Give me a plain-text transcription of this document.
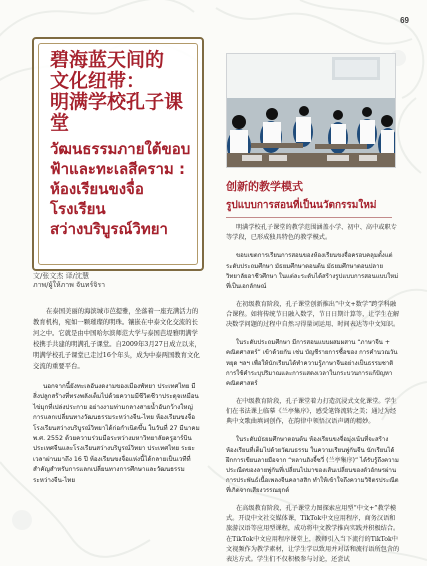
69
碧海蓝天间的
文化纽带：
明满学校孔子课堂
วัฒนธรรมภายใต้ขอบ
ฟ้าและทะเลสีคราม :
ห้องเรียนขงจื่อโรงเรียน
สว่างบริบูรณ์วิทยา
文/张文杰 译/沈慧
ภาพ/ผู้ให้ภาพ จันทร์จิรา

在泰国美丽的海滨城市芭提雅，坐落着一座充满活力的教育机构，宛如一颗璀璨的明珠。镶嵌在中泰文化交流的长河之中。它就是由中国哈尔滨师范大学与泰国芭堤雅明满学校携手共建的明满孔子课堂。自2009年3月27日成立以来，明满学校孔子课堂已走过16个年头，成为中泰两国教育文化交流的重要平台。

นอกจากนี้ยังทะเลอันงดงามของเมืองพัทยา ประเทศไทย มีสิ่งปลูกสร้างที่ทรงพลังเต็มไปด้วยความมีชีวิตชีวาประดุจเหมือนไข่มุกที่เปล่งประกาย อย่างงามท่ามกลางสายน้ำอันกว้างใหญ่ การแลกเปลี่ยนทางวัฒนธรรมระหว่างจีน-ไทย ห้องเรียนขงจื่อโรงเรียนสว่างบริบูรณ์วิทยาได้ก่อกำเนิดขึ้น ในวันที่ 27 มีนาคม พ.ศ. 2552 ด้วยความร่วมมือระหว่างมหาวิทยาลัยครูฮาร์บิน ประเทศจีนและโรงเรียนสว่างบริบูรณ์วิทยา ประเทศไทย ระยะเวลาผ่านมาถึง 16 ปี ห้องเรียนขงจื่อแห่งนี้ได้กลายเป็นเวทีที่สำคัญสำหรับการแลกเปลี่ยนทางการศึกษาและวัฒนธรรมระหว่างจีน-ไทย

创新的教学模式
รูปแบบการสอนที่เป็นนวัตกรรมใหม่

明满学校孔子课堂的教学范围涵盖小学、初中、高中或职专等学段，已形成独具特色的教学模式。

ขอบเขตการเรียนการสอนของห้องเรียนขงจื่อครอบคลุมตั้งแต่ระดับประถมศึกษา มัธยมศึกษาตอนต้น มัธยมศึกษาตอนปลาย วิทยาลัยอาชีวศึกษา ในแต่ละระดับได้สร้างรูปแบบการสอนแบบใหม่ที่เป็นเอกลักษณ์

在初级教育阶段，孔子课堂创新推出“中文+数学”跨学科融合课程。如将传统节日融入数学，节日日期计算等，让学生在解决数学问题的过程中自然习得量词运用、时间表达等中文知识。

ในระดับประถมศึกษา มีการสอนแบบผสมผสาน “ภาษาจีน + คณิตศาสตร์” เข้าด้วยกัน เช่น บัญชีรายการซื้อของ การคำนวณวันหยุด ฯลฯ เพื่อให้นักเรียนได้ทำความรู้ภาษาจีนอย่างเป็นธรรมชาติ การใช้คำระบุปริมาณและการแสดงเวลาในกระบวนการแก้ปัญหาคณิตศาสตร์

在中级教育阶段，孔子课堂着力打造沉浸式文化课堂。学生们在书法课上临摹《兰亭集序》，感受笔锋流转之美；通过为经典中文歌曲填词创作，在韵律中领悟汉语声调的精妙。

ในระดับมัธยมศึกษาตอนต้น ห้องเรียนขงจื่อมุ่งเน้นที่จะสร้างห้องเรียนที่เต็มไปด้วยวัฒนธรรม ในความเรียนพู่กันจีน นักเรียนได้ฝึกการเขียนลายมือจาก “หลานถิงจี้ซวี่ (兰亭集序)” ได้รับรู้ถึงความประณีตของลายพู่กันที่เปลี่ยนไปมาของเส้นเปลี่ยนของตัวอักษรผ่านการประพันธ์เนื้อเพลงจีนคลาสสิก ทำให้เข้าใจถึงความวิจิตรประณีตที่เกิดจากเสียงวรรณยุกต์

在高级教育阶段，孔子课堂力图探索应用型“中文+”教学模式。开设中文社交媒体课，TikTok中文应用程序，商务汉语和旅游汉语等应用型课程，成功将中文教学推向实践并积极结合。在TikTok中文应用程序课堂上，教师引入当下流行的TikTok中文视频作为教学素材，让学生学以致用并对话和流行语所包含的表达方式。学生们不仅积极参与讨论，还尝试
